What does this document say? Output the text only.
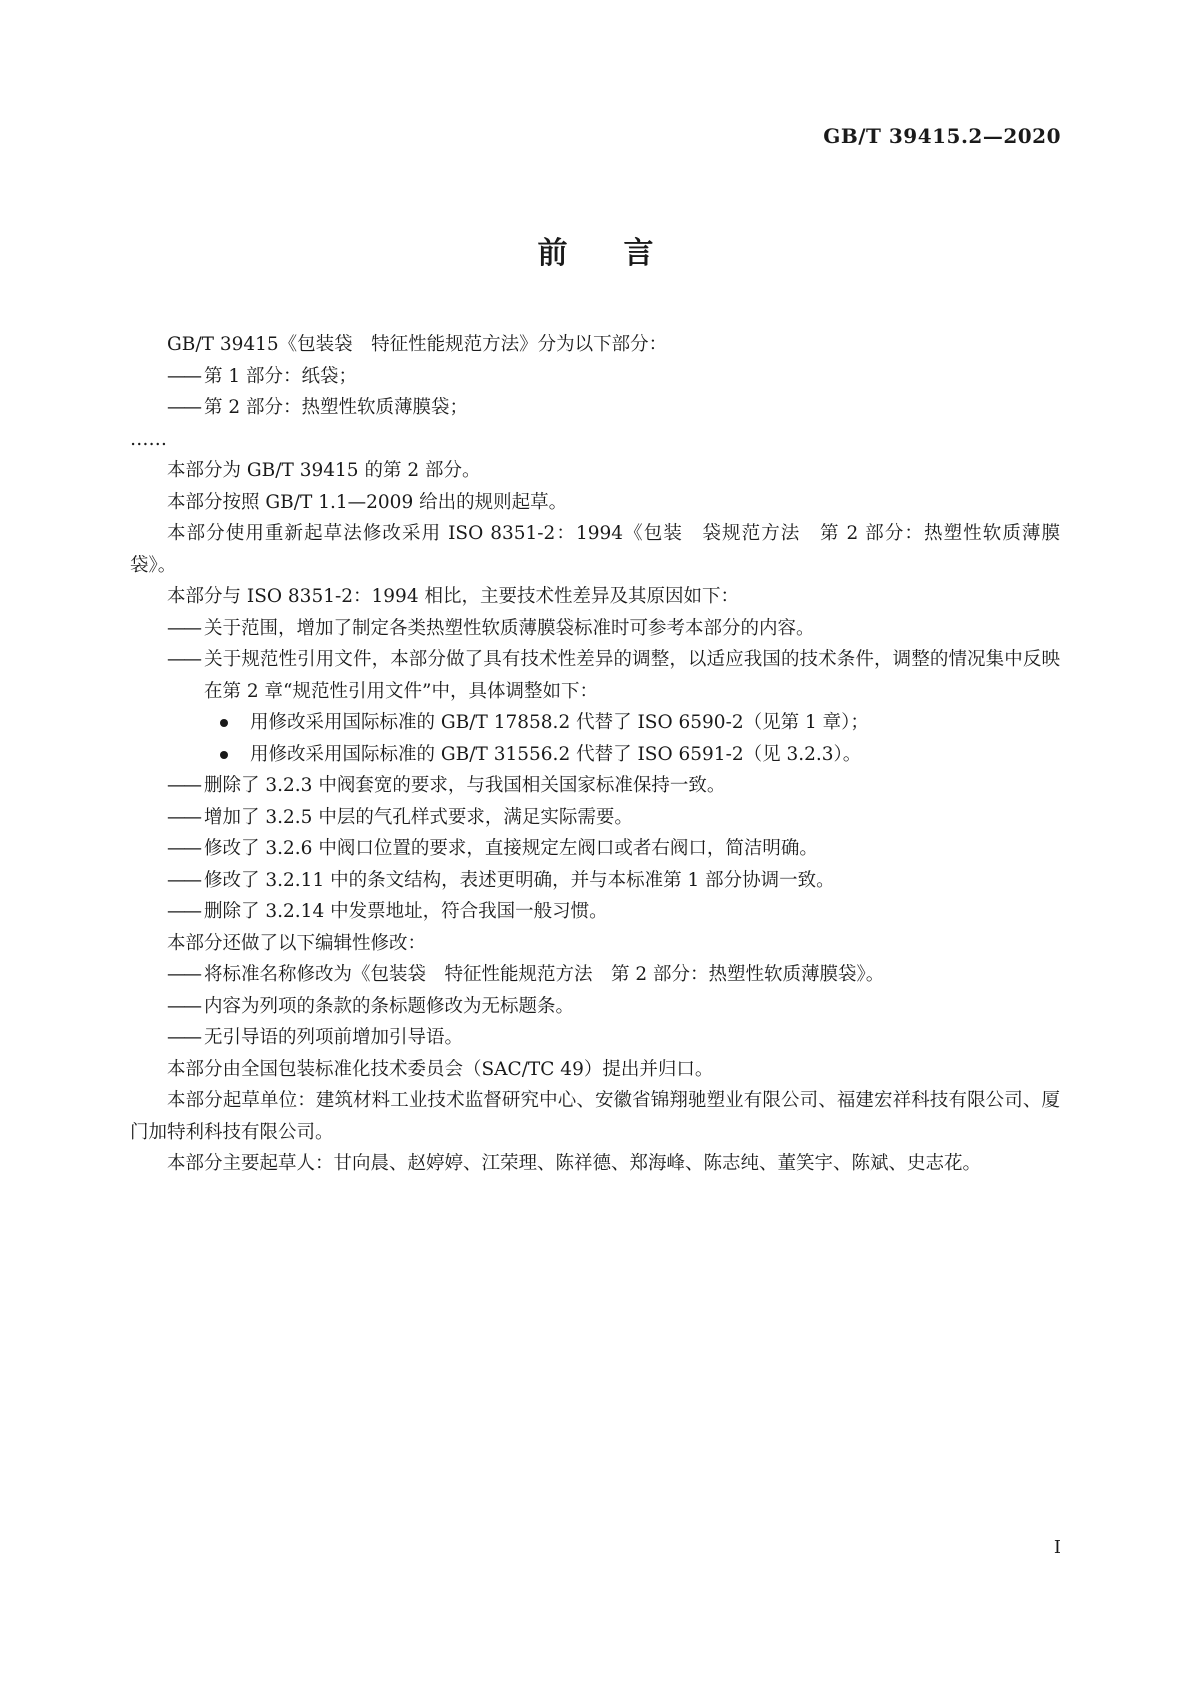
GB/T 39415.2—2020
前 言

GB/T 39415《包装袋　特征性能规范方法》分为以下部分：

—— 第 1 部分：纸袋；

—— 第 2 部分：热塑性软质薄膜袋；

……

本部分为 GB/T 39415 的第 2 部分。

本部分按照 GB/T 1.1—2009 给出的规则起草。

本部分使用重新起草法修改采用 ISO 8351-2：1994《包装　袋规范方法　第 2 部分：热塑性软质薄膜袋》。

本部分与 ISO 8351-2：1994 相比，主要技术性差异及其原因如下：

—— 关于范围，增加了制定各类热塑性软质薄膜袋标准时可参考本部分的内容。

—— 关于规范性引用文件，本部分做了具有技术性差异的调整，以适应我国的技术条件，调整的情况集中反映在第 2 章“规范性引用文件”中，具体调整如下：

用修改采用国际标准的 GB/T 17858.2 代替了 ISO 6590-2（见第 1 章）；

用修改采用国际标准的 GB/T 31556.2 代替了 ISO 6591-2（见 3.2.3）。

—— 删除了 3.2.3 中阀套宽的要求，与我国相关国家标准保持一致。

—— 增加了 3.2.5 中层的气孔样式要求，满足实际需要。

—— 修改了 3.2.6 中阀口位置的要求，直接规定左阀口或者右阀口，简洁明确。

—— 修改了 3.2.11 中的条文结构，表述更明确，并与本标准第 1 部分协调一致。

—— 删除了 3.2.14 中发票地址，符合我国一般习惯。

本部分还做了以下编辑性修改：

—— 将标准名称修改为《包装袋　特征性能规范方法　第 2 部分：热塑性软质薄膜袋》。

—— 内容为列项的条款的条标题修改为无标题条。

—— 无引导语的列项前增加引导语。

本部分由全国包装标准化技术委员会（SAC/TC 49）提出并归口。

本部分起草单位：建筑材料工业技术监督研究中心、安徽省锦翔驰塑业有限公司、福建宏祥科技有限公司、厦门加特利科技有限公司。

本部分主要起草人：甘向晨、赵婷婷、江荣理、陈祥德、郑海峰、陈志纯、董笑宇、陈斌、史志花。

I
